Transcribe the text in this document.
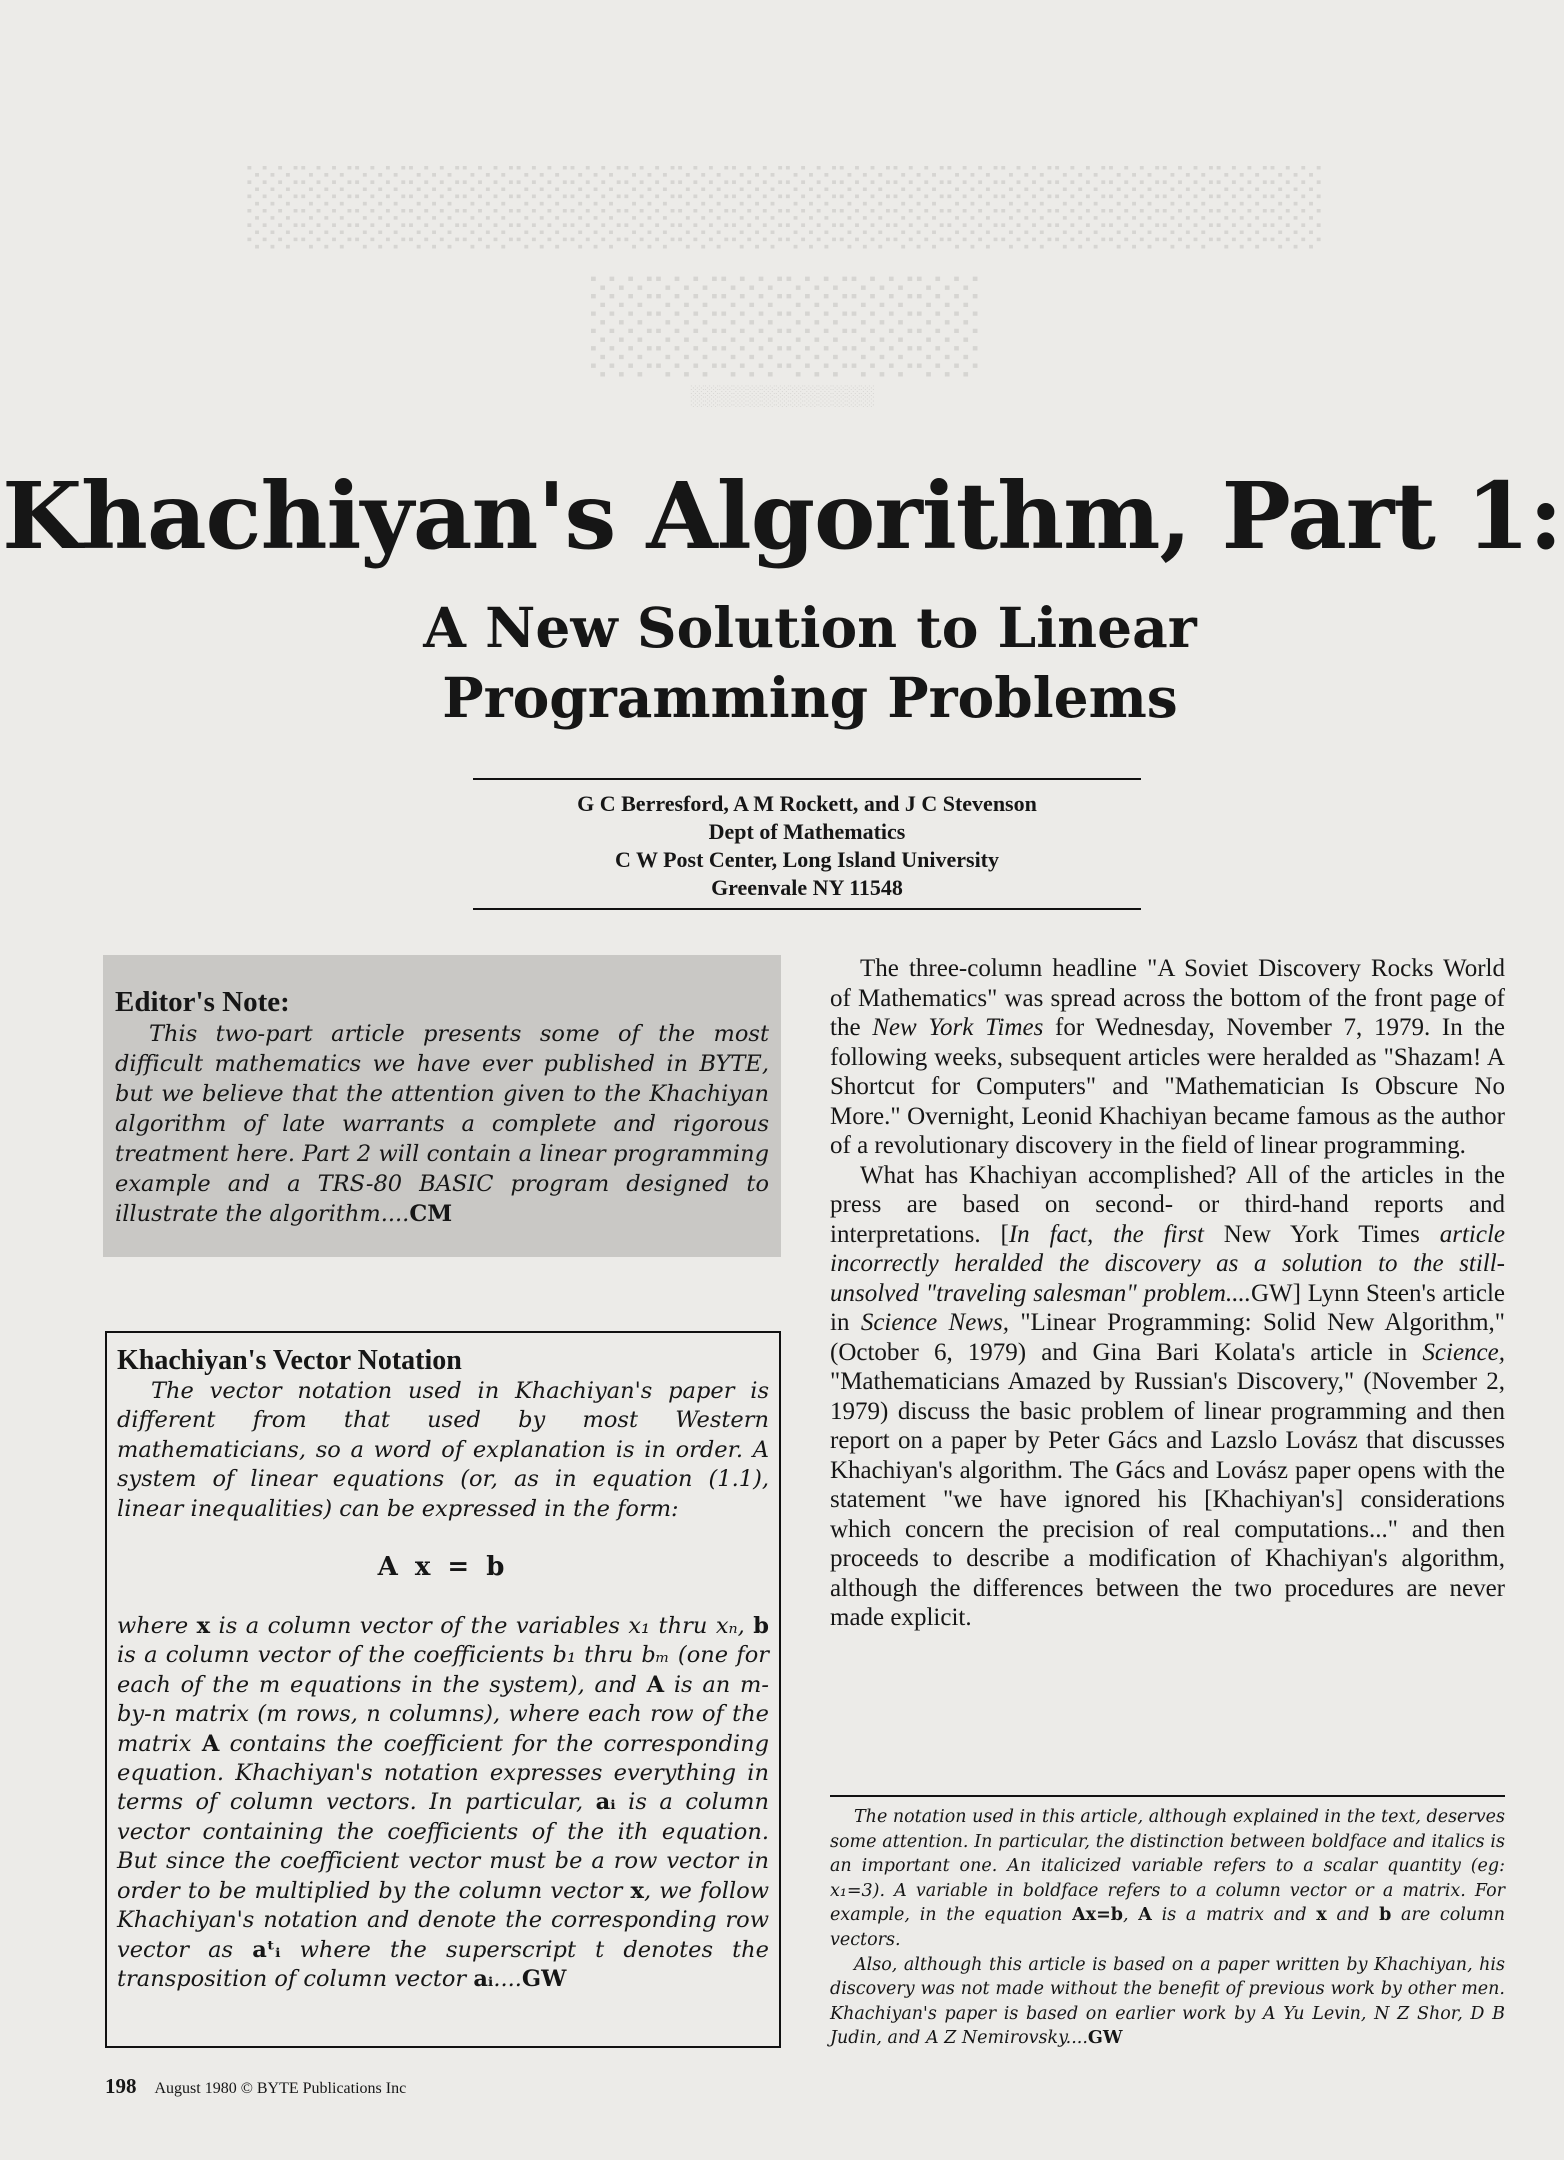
░░░░░░░░░░░░░░░░░░░░
░░░░░░
░░░░░░░░░░░░░
Khachiyan's Algorithm, Part 1:
A New Solution to Linear
Programming Problems
G C Berresford, A M Rockett, and J C Stevenson
Dept of Mathematics
C W Post Center, Long Island University
Greenvale NY 11548
Editor's Note:

This two-part article presents some of the most difficult mathematics we have ever published in BYTE, but we believe that the attention given to the Khachiyan algorithm of late warrants a complete and rigorous treatment here. Part 2 will contain a linear programming example and a TRS-80 BASIC program designed to illustrate the algorithm....CM

Khachiyan's Vector Notation

The vector notation used in Khachiyan's paper is different from that used by most Western mathematicians, so a word of explanation is in order. A system of linear equations (or, as in equation (1.1), linear inequalities) can be expressed in the form:

A x = b

where x is a column vector of the variables x₁ thru xₙ, b is a column vector of the coefficients b₁ thru bₘ (one for each of the m equations in the system), and A is an m-by-n matrix (m rows, n columns), where each row of the matrix A contains the coefficient for the corresponding equation. Khachiyan's notation expresses everything in terms of column vectors. In particular, aᵢ is a column vector containing the coefficients of the ith equation. But since the coefficient vector must be a row vector in order to be multiplied by the column vector x, we follow Khachiyan's notation and denote the corresponding row vector as aᵗᵢ where the superscript t denotes the transposition of column vector aᵢ....GW

The three-column headline "A Soviet Discovery Rocks World of Mathematics" was spread across the bottom of the front page of the New York Times for Wednesday, November 7, 1979. In the following weeks, subsequent articles were heralded as "Shazam! A Shortcut for Computers" and "Mathematician Is Obscure No More." Overnight, Leonid Khachiyan became famous as the author of a revolutionary discovery in the field of linear programming.

What has Khachiyan accomplished? All of the articles in the press are based on second- or third-hand reports and interpretations. [In fact, the first New York Times article incorrectly heralded the discovery as a solution to the still-unsolved "traveling salesman" problem....GW] Lynn Steen's article in Science News, "Linear Programming: Solid New Algorithm," (October 6, 1979) and Gina Bari Kolata's article in Science, "Mathematicians Amazed by Russian's Discovery," (November 2, 1979) discuss the basic problem of linear programming and then report on a paper by Peter Gács and Lazslo Lovász that discusses Khachiyan's algorithm. The Gács and Lovász paper opens with the statement "we have ignored his [Khachiyan's] considerations which concern the precision of real computations..." and then proceeds to describe a modification of Khachiyan's algorithm, although the differences between the two procedures are never made explicit.

The notation used in this article, although explained in the text, deserves some attention. In particular, the distinction between boldface and italics is an important one. An italicized variable refers to a scalar quantity (eg: x₁=3). A variable in boldface refers to a column vector or a matrix. For example, in the equation Ax=b, A is a matrix and x and b are column vectors.

Also, although this article is based on a paper written by Khachiyan, his discovery was not made without the benefit of previous work by other men. Khachiyan's paper is based on earlier work by A Yu Levin, N Z Shor, D B Judin, and A Z Nemirovsky....GW

198 August 1980 © BYTE Publications Inc
